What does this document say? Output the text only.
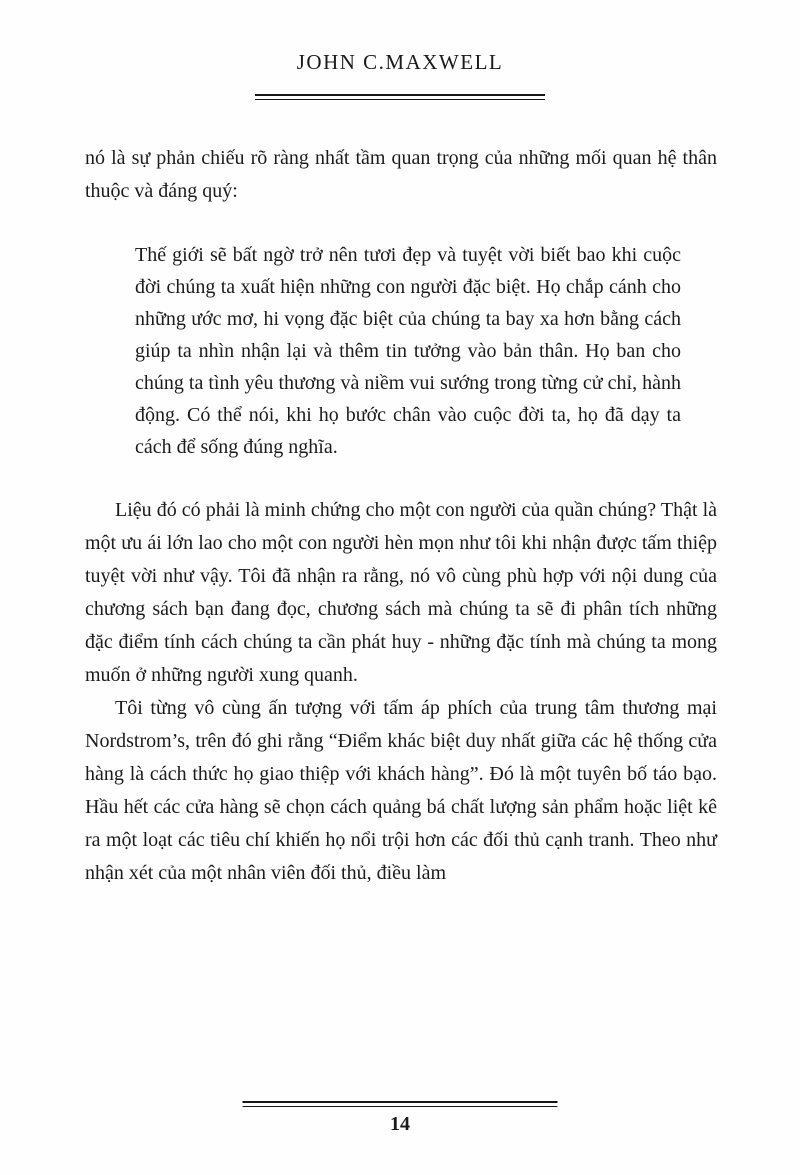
JOHN C.MAXWELL

nó là sự phản chiếu rõ ràng nhất tầm quan trọng của những mối quan hệ thân thuộc và đáng quý:

Thế giới sẽ bất ngờ trở nên tươi đẹp và tuyệt vời biết bao khi cuộc đời chúng ta xuất hiện những con người đặc biệt. Họ chắp cánh cho những ước mơ, hi vọng đặc biệt của chúng ta bay xa hơn bằng cách giúp ta nhìn nhận lại và thêm tin tưởng vào bản thân. Họ ban cho chúng ta tình yêu thương và niềm vui sướng trong từng cử chỉ, hành động. Có thể nói, khi họ bước chân vào cuộc đời ta, họ đã dạy ta cách để sống đúng nghĩa.

Liệu đó có phải là minh chứng cho một con người của quần chúng? Thật là một ưu ái lớn lao cho một con người hèn mọn như tôi khi nhận được tấm thiệp tuyệt vời như vậy. Tôi đã nhận ra rằng, nó vô cùng phù hợp với nội dung của chương sách bạn đang đọc, chương sách mà chúng ta sẽ đi phân tích những đặc điểm tính cách chúng ta cần phát huy - những đặc tính mà chúng ta mong muốn ở những người xung quanh.

Tôi từng vô cùng ấn tượng với tấm áp phích của trung tâm thương mại Nordstrom’s, trên đó ghi rằng “Điểm khác biệt duy nhất giữa các hệ thống cửa hàng là cách thức họ giao thiệp với khách hàng”. Đó là một tuyên bố táo bạo. Hầu hết các cửa hàng sẽ chọn cách quảng bá chất lượng sản phẩm hoặc liệt kê ra một loạt các tiêu chí khiến họ nổi trội hơn các đối thủ cạnh tranh. Theo như nhận xét của một nhân viên đối thủ, điều làm

14
